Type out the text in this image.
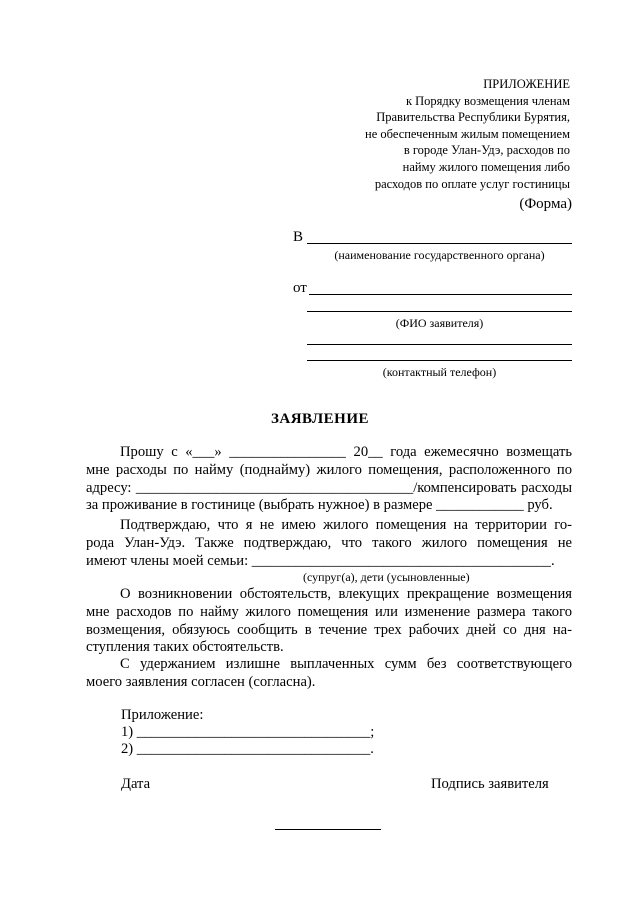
ПРИЛОЖЕНИЕ
к Порядку возмещения членам
Правительства Республики Бурятия,
не обеспеченным жилым помещением
в городе Улан-Удэ, расходов по
найму жилого помещения либо
расходов по оплате услуг гостиницы
(Форма)
В
(наименование государственного органа)
от
(ФИО заявителя)
(контактный телефон)
ЗАЯВЛЕНИЕ
Прошу с «___» ________________ 20__ года ежемесячно возмещать
мне расходы по найму (поднайму) жилого помещения, расположенного по
адресу: ______________________________________/компенсировать расходы
за проживание в гостинице (выбрать нужное) в размере ____________ руб.
Подтверждаю, что я не имею жилого помещения на территории го-
рода Улан-Удэ. Также подтверждаю, что такого жилого помещения не
имеют члены моей семьи: _________________________________________.
(супруг(а), дети (усыновленные)
О возникновении обстоятельств, влекущих прекращение возмещения
мне расходов по найму жилого помещения или изменение размера такого
возмещения, обязуюсь сообщить в течение трех рабочих дней со дня на-
ступления таких обстоятельств.
С удержанием излишне выплаченных сумм без соответствующего
моего заявления согласен (согласна).
Приложение:
1) ________________________________;
2) ________________________________.
Дата	Подпись заявителя
